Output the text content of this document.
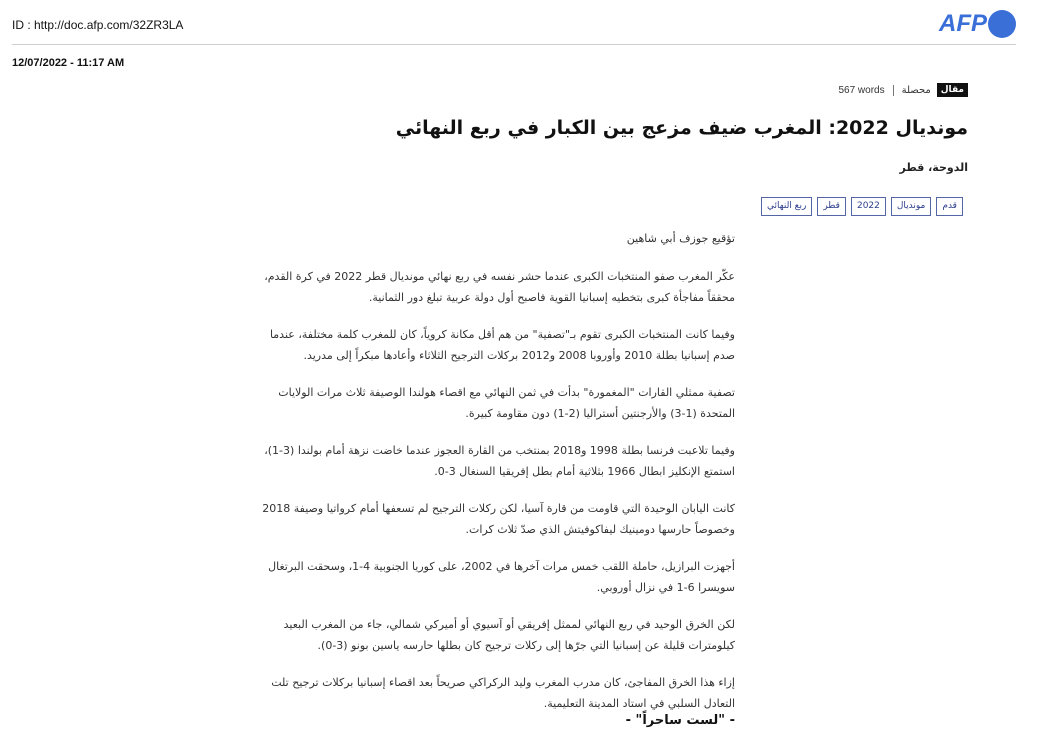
ID : http://doc.afp.com/32ZR3LA	AFP
12/07/2022 - 11:17 AM
567 words محصلة	مقال
مونديال 2022: المغرب ضيف مزعج بين الكبار في ربع النهائي
الدوحة، قطر
قدم
مونديال
2022
قطر
ربع النهائي
تؤقيع جوزف أبي شاهين

عكّر المغرب صفو المنتخبات الكبرى عندما حشر نفسه في ربع نهائي مونديال قطر 2022 في كرة القدم، محققاً مفاجأة كبرى بتخطيه إسبانيا القوية فاصبح أول دولة عربية تبلغ دور الثمانية.

وفيما كانت المنتخبات الكبرى تقوم بـ"تصفية" من هم أقل مكانة كروياً، كان للمغرب كلمة مختلفة، عندما صدم إسبانيا بطلة 2010 وأوروبا 2008 و2012 بركلات الترجيح الثلاثاء وأعادها مبكراً إلى مدريد.

تصفية ممثلي القارات "المغمورة" بدأت في ثمن النهائي مع اقصاء هولندا الوصيفة ثلاث مرات الولايات المتحدة (1-3) والأرجنتين أستراليا (2-1) دون مقاومة كبيرة.

وفيما تلاعبت فرنسا بطلة 1998 و2018 بمنتخب من القارة العجوز عندما خاضت نزهة أمام بولندا (3-1)، استمتع الإنكليز ابطال 1966 بثلاثية أمام بطل إفريقيا السنغال 3-0.

كانت اليابان الوحيدة التي قاومت من قارة آسيا، لكن ركلات الترجيح لم تسعفها أمام كرواتيا وصيفة 2018 وخصوصاً حارسها دومينيك ليفاكوفيتش الذي صدّ ثلاث كرات.

أجهزت البرازيل، حاملة اللقب خمس مرات آخرها في 2002، على كوريا الجنوبية 4-1، وسحقت البرتغال سويسرا 6-1 في نزال أوروبي.

لكن الخرق الوحيد في ربع النهائي لممثل إفريقي أو آسيوي أو أميركي شمالي، جاء من المغرب البعيد كيلومترات قليلة عن إسبانيا التي جرّها إلى ركلات ترجيح كان بطلها حارسه ياسين بونو (3-0).

إزاء هذا الخرق المفاجئ، كان مدرب المغرب وليد الركراكي صريحاً بعد اقصاء إسبانيا بركلات ترجيح تلت التعادل السلبي في استاد المدينة التعليمية.

- "لست ساحراً" -
